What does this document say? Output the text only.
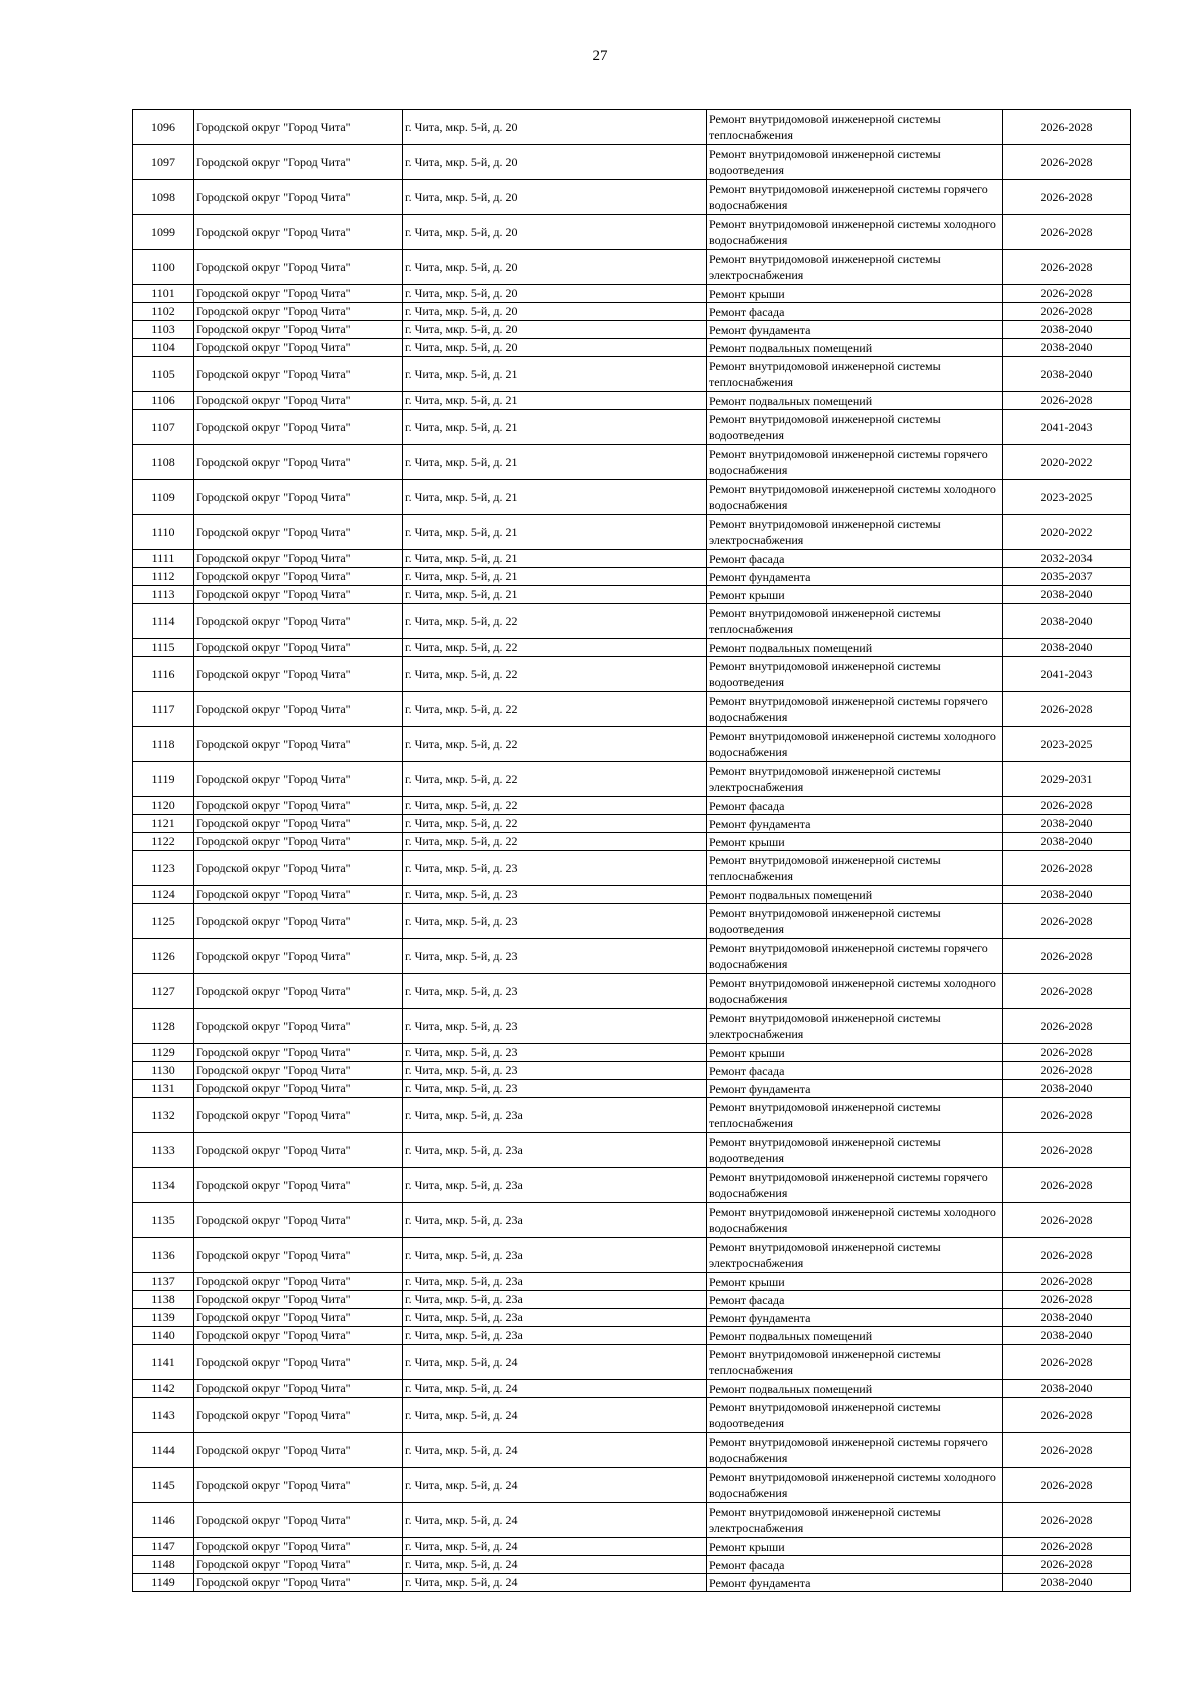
27
1096	Городской округ "Город Чита"	г. Чита, мкр. 5-й, д. 20	Ремонт внутридомовой инженерной системы теплоснабжения	2026-2028
1097	Городской округ "Город Чита"	г. Чита, мкр. 5-й, д. 20	Ремонт внутридомовой инженерной системы водоотведения	2026-2028
1098	Городской округ "Город Чита"	г. Чита, мкр. 5-й, д. 20	Ремонт внутридомовой инженерной системы горячего водоснабжения	2026-2028
1099	Городской округ "Город Чита"	г. Чита, мкр. 5-й, д. 20	Ремонт внутридомовой инженерной системы холодного водоснабжения	2026-2028
1100	Городской округ "Город Чита"	г. Чита, мкр. 5-й, д. 20	Ремонт внутридомовой инженерной системы электроснабжения	2026-2028
1101	Городской округ "Город Чита"	г. Чита, мкр. 5-й, д. 20	Ремонт крыши	2026-2028
1102	Городской округ "Город Чита"	г. Чита, мкр. 5-й, д. 20	Ремонт фасада	2026-2028
1103	Городской округ "Город Чита"	г. Чита, мкр. 5-й, д. 20	Ремонт фундамента	2038-2040
1104	Городской округ "Город Чита"	г. Чита, мкр. 5-й, д. 20	Ремонт подвальных помещений	2038-2040
1105	Городской округ "Город Чита"	г. Чита, мкр. 5-й, д. 21	Ремонт внутридомовой инженерной системы теплоснабжения	2038-2040
1106	Городской округ "Город Чита"	г. Чита, мкр. 5-й, д. 21	Ремонт подвальных помещений	2026-2028
1107	Городской округ "Город Чита"	г. Чита, мкр. 5-й, д. 21	Ремонт внутридомовой инженерной системы водоотведения	2041-2043
1108	Городской округ "Город Чита"	г. Чита, мкр. 5-й, д. 21	Ремонт внутридомовой инженерной системы горячего водоснабжения	2020-2022
1109	Городской округ "Город Чита"	г. Чита, мкр. 5-й, д. 21	Ремонт внутридомовой инженерной системы холодного водоснабжения	2023-2025
1110	Городской округ "Город Чита"	г. Чита, мкр. 5-й, д. 21	Ремонт внутридомовой инженерной системы электроснабжения	2020-2022
1111	Городской округ "Город Чита"	г. Чита, мкр. 5-й, д. 21	Ремонт фасада	2032-2034
1112	Городской округ "Город Чита"	г. Чита, мкр. 5-й, д. 21	Ремонт фундамента	2035-2037
1113	Городской округ "Город Чита"	г. Чита, мкр. 5-й, д. 21	Ремонт крыши	2038-2040
1114	Городской округ "Город Чита"	г. Чита, мкр. 5-й, д. 22	Ремонт внутридомовой инженерной системы теплоснабжения	2038-2040
1115	Городской округ "Город Чита"	г. Чита, мкр. 5-й, д. 22	Ремонт подвальных помещений	2038-2040
1116	Городской округ "Город Чита"	г. Чита, мкр. 5-й, д. 22	Ремонт внутридомовой инженерной системы водоотведения	2041-2043
1117	Городской округ "Город Чита"	г. Чита, мкр. 5-й, д. 22	Ремонт внутридомовой инженерной системы горячего водоснабжения	2026-2028
1118	Городской округ "Город Чита"	г. Чита, мкр. 5-й, д. 22	Ремонт внутридомовой инженерной системы холодного водоснабжения	2023-2025
1119	Городской округ "Город Чита"	г. Чита, мкр. 5-й, д. 22	Ремонт внутридомовой инженерной системы электроснабжения	2029-2031
1120	Городской округ "Город Чита"	г. Чита, мкр. 5-й, д. 22	Ремонт фасада	2026-2028
1121	Городской округ "Город Чита"	г. Чита, мкр. 5-й, д. 22	Ремонт фундамента	2038-2040
1122	Городской округ "Город Чита"	г. Чита, мкр. 5-й, д. 22	Ремонт крыши	2038-2040
1123	Городской округ "Город Чита"	г. Чита, мкр. 5-й, д. 23	Ремонт внутридомовой инженерной системы теплоснабжения	2026-2028
1124	Городской округ "Город Чита"	г. Чита, мкр. 5-й, д. 23	Ремонт подвальных помещений	2038-2040
1125	Городской округ "Город Чита"	г. Чита, мкр. 5-й, д. 23	Ремонт внутридомовой инженерной системы водоотведения	2026-2028
1126	Городской округ "Город Чита"	г. Чита, мкр. 5-й, д. 23	Ремонт внутридомовой инженерной системы горячего водоснабжения	2026-2028
1127	Городской округ "Город Чита"	г. Чита, мкр. 5-й, д. 23	Ремонт внутридомовой инженерной системы холодного водоснабжения	2026-2028
1128	Городской округ "Город Чита"	г. Чита, мкр. 5-й, д. 23	Ремонт внутридомовой инженерной системы электроснабжения	2026-2028
1129	Городской округ "Город Чита"	г. Чита, мкр. 5-й, д. 23	Ремонт крыши	2026-2028
1130	Городской округ "Город Чита"	г. Чита, мкр. 5-й, д. 23	Ремонт фасада	2026-2028
1131	Городской округ "Город Чита"	г. Чита, мкр. 5-й, д. 23	Ремонт фундамента	2038-2040
1132	Городской округ "Город Чита"	г. Чита, мкр. 5-й, д. 23а	Ремонт внутридомовой инженерной системы теплоснабжения	2026-2028
1133	Городской округ "Город Чита"	г. Чита, мкр. 5-й, д. 23а	Ремонт внутридомовой инженерной системы водоотведения	2026-2028
1134	Городской округ "Город Чита"	г. Чита, мкр. 5-й, д. 23а	Ремонт внутридомовой инженерной системы горячего водоснабжения	2026-2028
1135	Городской округ "Город Чита"	г. Чита, мкр. 5-й, д. 23а	Ремонт внутридомовой инженерной системы холодного водоснабжения	2026-2028
1136	Городской округ "Город Чита"	г. Чита, мкр. 5-й, д. 23а	Ремонт внутридомовой инженерной системы электроснабжения	2026-2028
1137	Городской округ "Город Чита"	г. Чита, мкр. 5-й, д. 23а	Ремонт крыши	2026-2028
1138	Городской округ "Город Чита"	г. Чита, мкр. 5-й, д. 23а	Ремонт фасада	2026-2028
1139	Городской округ "Город Чита"	г. Чита, мкр. 5-й, д. 23а	Ремонт фундамента	2038-2040
1140	Городской округ "Город Чита"	г. Чита, мкр. 5-й, д. 23а	Ремонт подвальных помещений	2038-2040
1141	Городской округ "Город Чита"	г. Чита, мкр. 5-й, д. 24	Ремонт внутридомовой инженерной системы теплоснабжения	2026-2028
1142	Городской округ "Город Чита"	г. Чита, мкр. 5-й, д. 24	Ремонт подвальных помещений	2038-2040
1143	Городской округ "Город Чита"	г. Чита, мкр. 5-й, д. 24	Ремонт внутридомовой инженерной системы водоотведения	2026-2028
1144	Городской округ "Город Чита"	г. Чита, мкр. 5-й, д. 24	Ремонт внутридомовой инженерной системы горячего водоснабжения	2026-2028
1145	Городской округ "Город Чита"	г. Чита, мкр. 5-й, д. 24	Ремонт внутридомовой инженерной системы холодного водоснабжения	2026-2028
1146	Городской округ "Город Чита"	г. Чита, мкр. 5-й, д. 24	Ремонт внутридомовой инженерной системы электроснабжения	2026-2028
1147	Городской округ "Город Чита"	г. Чита, мкр. 5-й, д. 24	Ремонт крыши	2026-2028
1148	Городской округ "Город Чита"	г. Чита, мкр. 5-й, д. 24	Ремонт фасада	2026-2028
1149	Городской округ "Город Чита"	г. Чита, мкр. 5-й, д. 24	Ремонт фундамента	2038-2040
